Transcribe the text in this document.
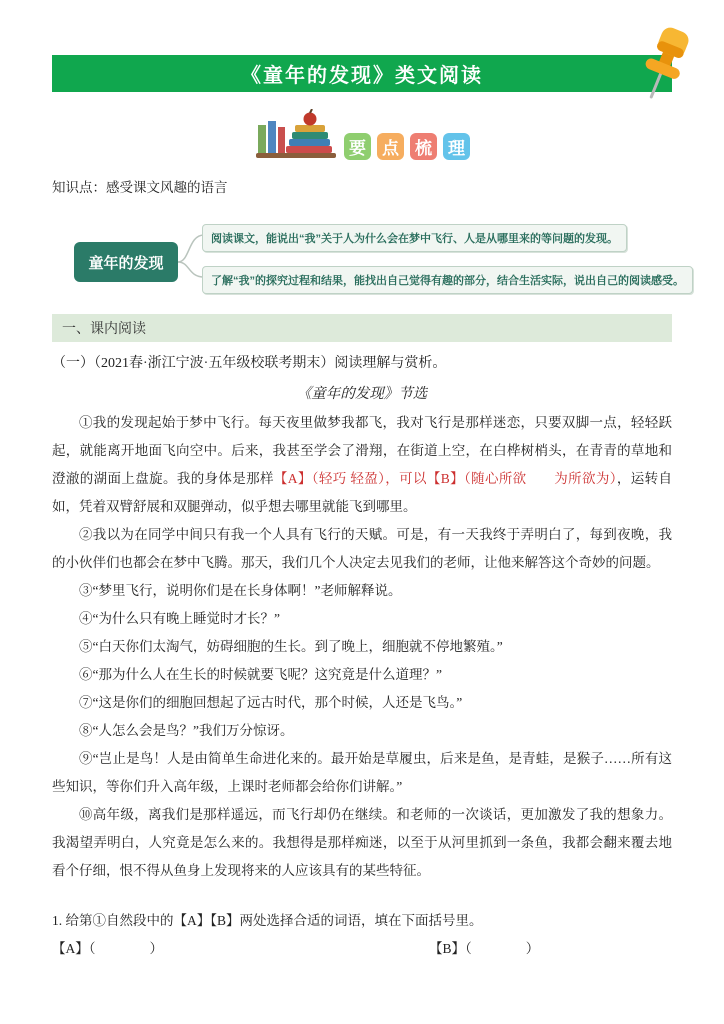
《童年的发现》类文阅读
要 点 梳 理
知识点：感受课文风趣的语言
童年的发现
阅读课文，能说出“我”关于人为什么会在梦中飞行、人是从哪里来的等问题的发现。
了解“我”的探究过程和结果，能找出自己觉得有趣的部分，结合生活实际，说出自己的阅读感受。
一、课内阅读
（一）（2021春·浙江宁波·五年级校联考期末）阅读理解与赏析。
《童年的发现》节选

①我的发现起始于梦中飞行。每天夜里做梦我都飞，我对飞行是那样迷恋，只要双脚一点，轻轻跃起，就能离开地面飞向空中。后来，我甚至学会了滑翔，在街道上空，在白桦树梢头，在青青的草地和澄澈的湖面上盘旋。我的身体是那样【A】（轻巧 轻盈），可以【B】（随心所欲　　为所欲为），运转自如，凭着双臂舒展和双腿弹动，似乎想去哪里就能飞到哪里。

②我以为在同学中间只有我一个人具有飞行的天赋。可是，有一天我终于弄明白了，每到夜晚，我的小伙伴们也都会在梦中飞腾。那天，我们几个人决定去见我们的老师，让他来解答这个奇妙的问题。

③“梦里飞行，说明你们是在长身体啊！”老师解释说。

④“为什么只有晚上睡觉时才长？”

⑤“白天你们太淘气，妨碍细胞的生长。到了晚上，细胞就不停地繁殖。”

⑥“那为什么人在生长的时候就要飞呢？这究竟是什么道理？”

⑦“这是你们的细胞回想起了远古时代，那个时候，人还是飞鸟。”

⑧“人怎么会是鸟？”我们万分惊讶。

⑨“岂止是鸟！人是由简单生命进化来的。最开始是草履虫，后来是鱼，是青蛙，是猴子……所有这些知识，等你们升入高年级，上课时老师都会给你们讲解。”

⑩高年级，离我们是那样遥远，而飞行却仍在继续。和老师的一次谈话，更加激发了我的想象力。我渴望弄明白，人究竟是怎么来的。我想得是那样痴迷，以至于从河里抓到一条鱼，我都会翻来覆去地看个仔细，恨不得从鱼身上发现将来的人应该具有的某些特征。

1. 给第①自然段中的【A】【B】两处选择合适的词语，填在下面括号里。
【A】（　　　　）	【B】（　　　　）
